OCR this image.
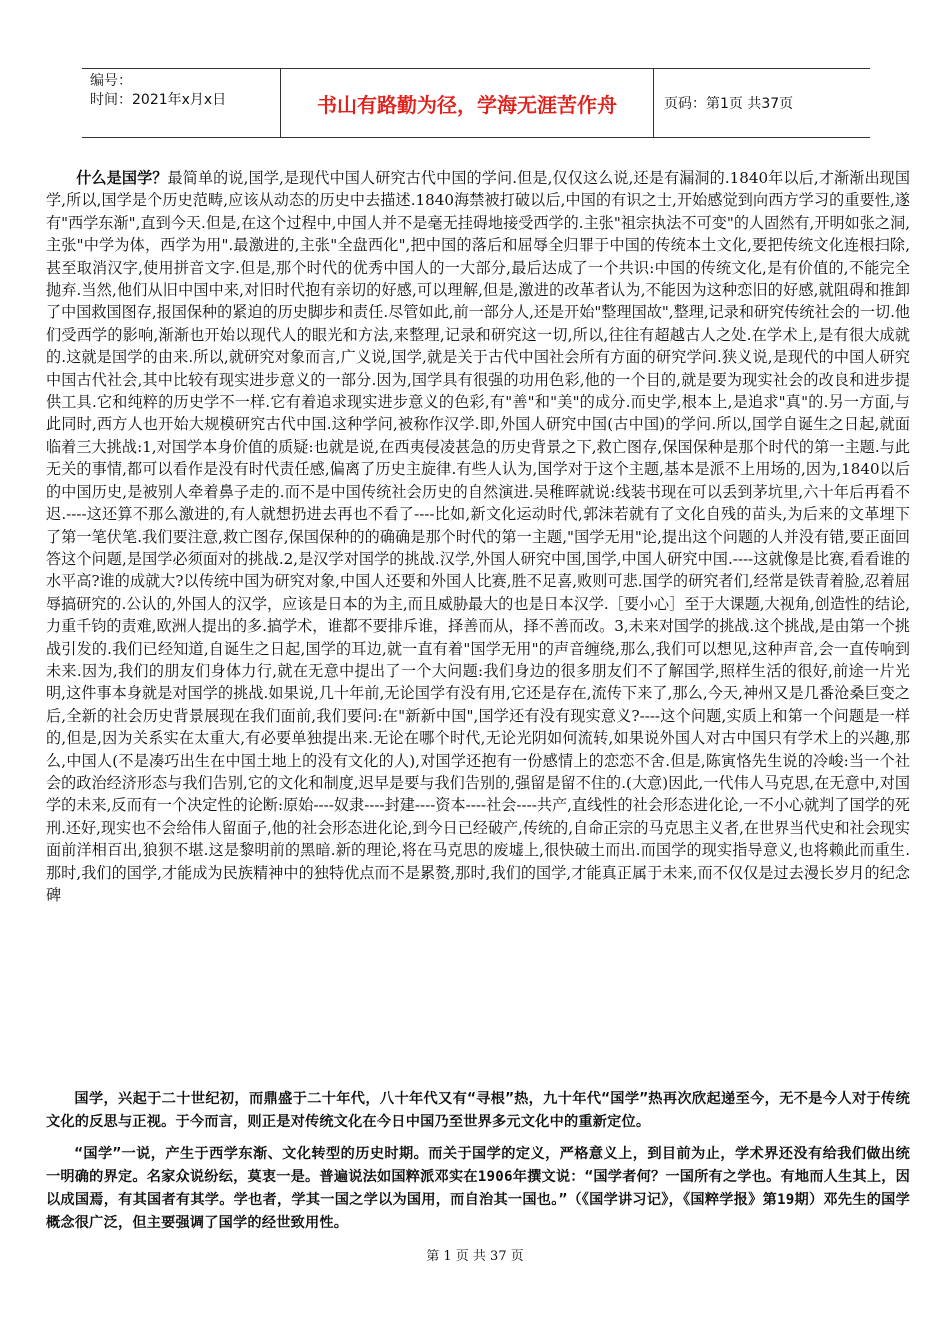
编号：
时间：2021年x月x日	书山有路勤为径，学海无涯苦作舟	页码：第1页 共37页

什么是国学？最简单的说,国学,是现代中国人研究古代中国的学问.但是,仅仅这么说,还是有漏洞的.1840年以后,才渐渐出现国学,所以,国学是个历史范畴,应该从动态的历史中去描述.1840海禁被打破以后,中国的有识之士,开始感觉到向西方学习的重要性,遂有"西学东渐",直到今天.但是,在这个过程中,中国人并不是毫无挂碍地接受西学的.主张"祖宗执法不可变"的人固然有,开明如张之洞,主张"中学为体，西学为用".最激进的,主张"全盘西化",把中国的落后和屈辱全归罪于中国的传统本土文化,要把传统文化连根扫除,甚至取消汉字,使用拼音文字.但是,那个时代的优秀中国人的一大部分,最后达成了一个共识:中国的传统文化,是有价值的,不能完全抛弃.当然,他们从旧中国中来,对旧时代抱有亲切的好感,可以理解,但是,激进的改革者认为,不能因为这种恋旧的好感,就阻碍和推卸了中国救国图存,报国保种的紧迫的历史脚步和责任.尽管如此,前一部分人,还是开始"整理国故",整理,记录和研究传统社会的一切.他们受西学的影响,渐渐也开始以现代人的眼光和方法,来整理,记录和研究这一切,所以,往往有超越古人之处.在学术上,是有很大成就的.这就是国学的由来.所以,就研究对象而言,广义说,国学,就是关于古代中国社会所有方面的研究学问.狭义说,是现代的中国人研究中国古代社会,其中比较有现实进步意义的一部分.因为,国学具有很强的功用色彩,他的一个目的,就是要为现实社会的改良和进步提供工具.它和纯粹的历史学不一样.它有着追求现实进步意义的色彩,有"善"和"美"的成分.而史学,根本上,是追求"真"的.另一方面,与此同时,西方人也开始大规模研究古代中国.这种学问,被称作汉学.即,外国人研究中国(古中国)的学问.所以,国学自诞生之日起,就面临着三大挑战:1,对国学本身价值的质疑:也就是说,在西夷侵凌甚急的历史背景之下,救亡图存,保国保种是那个时代的第一主题.与此无关的事情,都可以看作是没有时代责任感,偏离了历史主旋律.有些人认为,国学对于这个主题,基本是派不上用场的,因为,1840以后的中国历史,是被别人牵着鼻子走的.而不是中国传统社会历史的自然演进.吴稚晖就说:线装书现在可以丢到茅坑里,六十年后再看不迟.----这还算不那么激进的,有人就想扔进去再也不看了----比如,新文化运动时代,郭沫若就有了文化自残的苗头,为后来的文革埋下了第一笔伏笔.我们要注意,救亡图存,保国保种的的确确是那个时代的第一主题,"国学无用"论,提出这个问题的人并没有错,要正面回答这个问题,是国学必须面对的挑战.2,是汉学对国学的挑战.汉学,外国人研究中国,国学,中国人研究中国.----这就像是比赛,看看谁的水平高?谁的成就大?以传统中国为研究对象,中国人还要和外国人比赛,胜不足喜,败则可悲.国学的研究者们,经常是铁青着脸,忍着屈辱搞研究的.公认的,外国人的汉学，应该是日本的为主,而且威胁最大的也是日本汉学.［要小心］至于大课题,大视角,创造性的结论,力重千钧的责难,欧洲人提出的多.搞学术，谁都不要排斥谁，择善而从，择不善而改。3,未来对国学的挑战.这个挑战,是由第一个挑战引发的.我们已经知道,自诞生之日起,国学的耳边,就一直有着"国学无用"的声音缠绕,那么,我们可以想见,这种声音,会一直传响到未来.因为,我们的朋友们身体力行,就在无意中提出了一个大问题:我们身边的很多朋友们不了解国学,照样生活的很好,前途一片光明,这件事本身就是对国学的挑战.如果说,几十年前,无论国学有没有用,它还是存在,流传下来了,那么,今天,神州又是几番沧桑巨变之后,全新的社会历史背景展现在我们面前,我们要问:在"新新中国",国学还有没有现实意义?----这个问题,实质上和第一个问题是一样的,但是,因为关系实在太重大,有必要单独提出来.无论在哪个时代,无论光阴如何流转,如果说外国人对古中国只有学术上的兴趣,那么,中国人(不是凑巧出生在中国土地上的没有文化的人),对国学还抱有一份感情上的恋恋不舍.但是,陈寅恪先生说的冷峻:当一个社会的政治经济形态与我们告别,它的文化和制度,迟早是要与我们告别的,强留是留不住的.(大意)因此,一代伟人马克思,在无意中,对国学的未来,反而有一个决定性的论断:原始----奴隶----封建----资本----社会----共产,直线性的社会形态进化论,一不小心就判了国学的死刑.还好,现实也不会给伟人留面子,他的社会形态进化论,到今日已经破产,传统的,自命正宗的马克思主义者,在世界当代史和社会现实面前洋相百出,狼狈不堪.这是黎明前的黑暗.新的理论,将在马克思的废墟上,很快破土而出.而国学的现实指导意义,也将赖此而重生.那时,我们的国学,才能成为民族精神中的独特优点而不是累赘,那时,我们的国学,才能真正属于未来,而不仅仅是过去漫长岁月的纪念碑

国学，兴起于二十世纪初，而鼎盛于二十年代，八十年代又有“寻根”热，九十年代“国学”热再次欣起递至今，无不是今人对于传统文化的反思与正视。于今而言，则正是对传统文化在今日中国乃至世界多元文化中的重新定位。

“国学”一说，产生于西学东渐、文化转型的历史时期。而关于国学的定义，严格意义上，到目前为止，学术界还没有给我们做出统一明确的界定。名家众说纷纭，莫衷一是。普遍说法如国粹派邓实在1906年撰文说：“国学者何？一国所有之学也。有地而人生其上，因以成国焉，有其国者有其学。学也者，学其一国之学以为国用，而自治其一国也。”（《国学讲习记》，《国粹学报》第19期）邓先生的国学概念很广泛，但主要强调了国学的经世致用性。

第 1 页 共 37 页
